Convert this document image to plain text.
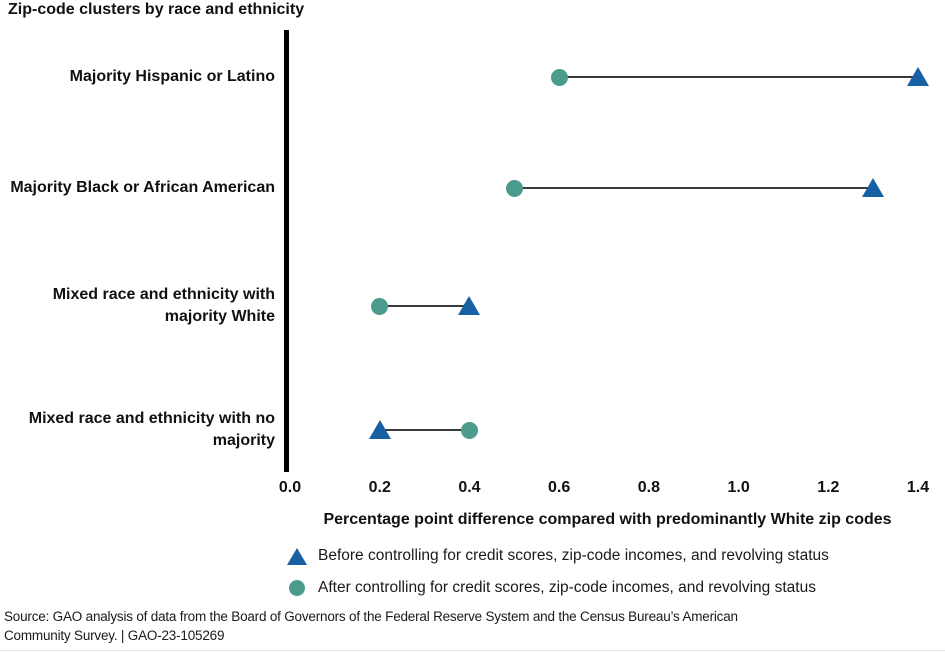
Zip-code clusters by race and ethnicity
Majority Hispanic or Latino
Majority Black or African American
Mixed race and ethnicity with majority White
Mixed race and ethnicity with no majority
0.0	0.2	0.4	0.6	0.8	1.0	1.2	1.4
Percentage point difference compared with predominantly White zip codes
Before controlling for credit scores, zip-code incomes, and revolving status
After controlling for credit scores, zip-code incomes, and revolving status
Source: GAO analysis of data from the Board of Governors of the Federal Reserve System and the Census Bureau’s American
Community Survey. | GAO-23-105269
